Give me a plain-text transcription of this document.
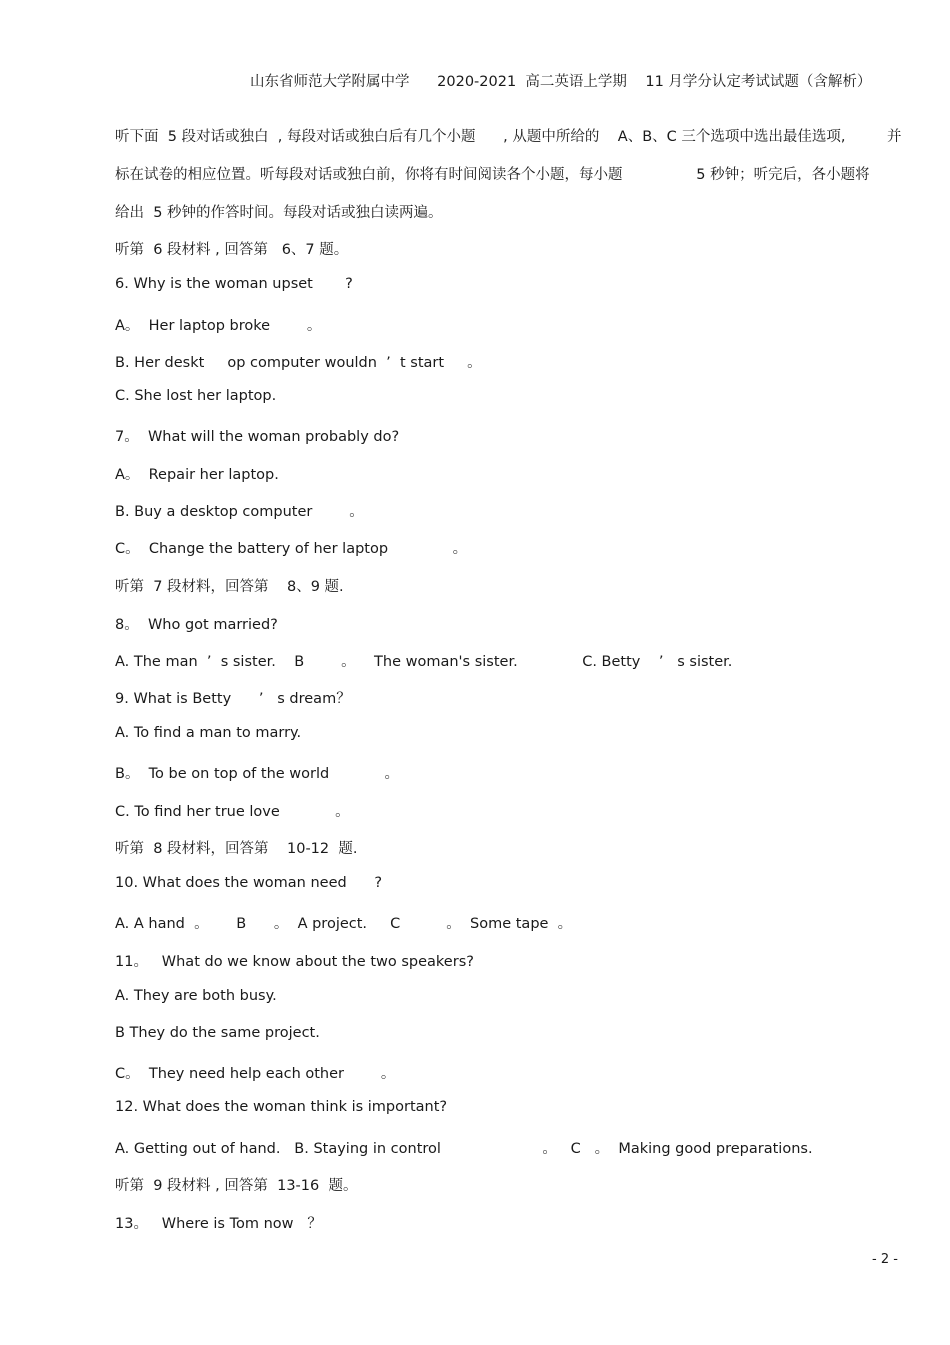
山东省师范大学附属中学      2020-2021  高二英语上学期    11 月学分认定考试试题（含解析）
听下面  5 段对话或独白  , 每段对话或独白后有几个小题      , 从题中所给的    A、B、C 三个选项中选出最佳选项,         并
标在试卷的相应位置。听每段对话或独白前，你将有时间阅读各个小题，每小题                5 秒钟；听完后，各小题将
给出  5 秒钟的作答时间。每段对话或独白读两遍。
听第  6 段材料 , 回答第   6、7 题。
6. Why is the woman upset       ?
A。  Her laptop broke        。
B. Her deskt     op computer wouldn  ’  t start     。
C. She lost her laptop.
7。  What will the woman probably do?
A。  Repair her laptop.
B. Buy a desktop computer        。
C。  Change the battery of her laptop              。
听第  7 段材料，回答第    8、9 题.
8。  Who got married?
A. The man  ’  s sister.    B        。    The woman's sister.              C. Betty    ’   s sister.
9. What is Betty      ’   s dream？
A. To find a man to marry.
B。  To be on top of the world            。
C. To find her true love            。
听第  8 段材料，回答第    10-12  题.
10. What does the woman need      ?
A. A hand  。      B      。  A project.     C          。  Some tape  。
11。   What do we know about the two speakers?
A. They are both busy.
B They do the same project.
C。  They need help each other        。
12. What does the woman think is important?
A. Getting out of hand.   B. Staying in control                      。   C   。  Making good preparations.
听第  9 段材料 , 回答第  13-16  题。
13。   Where is Tom now   ？
- 2 -
